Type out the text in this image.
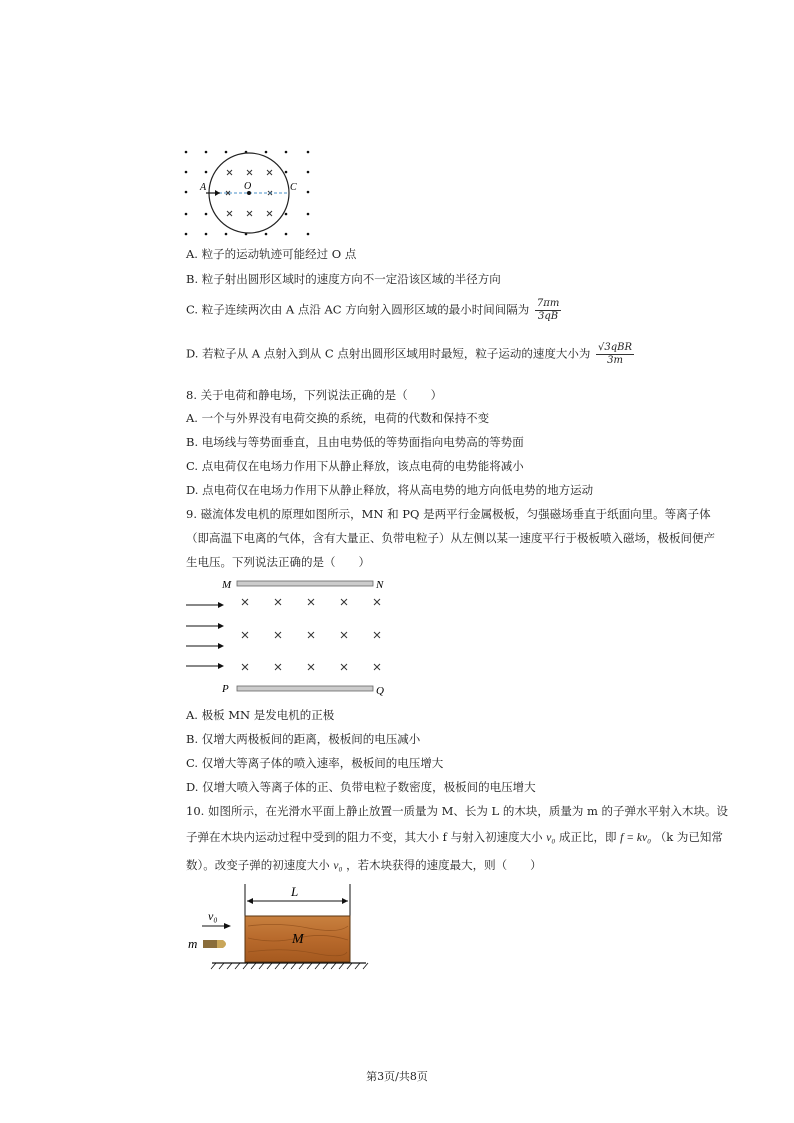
A	O	C
A. 粒子的运动轨迹可能经过 O 点
B. 粒子射出圆形区域时的速度方向不一定沿该区域的半径方向
C. 粒子连续两次由 A 点沿 AC 方向射入圆形区域的最小时间间隔为 $\frac{7\pi m}{3qB}$
D. 若粒子从 A 点射入到从 C 点射出圆形区域用时最短，粒子运动的速度大小为 $\frac{\text{√3qBR}}{3m}$
8. 关于电荷和静电场，下列说法正确的是（　　）
A. 一个与外界没有电荷交换的系统，电荷的代数和保持不变
B. 电场线与等势面垂直，且由电势低的等势面指向电势高的等势面
C. 点电荷仅在电场力作用下从静止释放，该点电荷的电势能将减小
D. 点电荷仅在电场力作用下从静止释放，将从高电势的地方向低电势的地方运动
9. 磁流体发电机的原理如图所示，MN 和 PQ 是两平行金属极板，匀强磁场垂直于纸面向里。等离子体
（即高温下电离的气体，含有大量正、负带电粒子）从左侧以某一速度平行于极板喷入磁场，极板间便产
生电压。下列说法正确的是（　　）
M	N
P	Q
A. 极板 MN 是发电机的正极
B. 仅增大两极板间的距离，极板间的电压减小
C. 仅增大等离子体的喷入速率，极板间的电压增大
D. 仅增大喷入等离子体的正、负带电粒子数密度，极板间的电压增大
10. 如图所示，在光滑水平面上静止放置一质量为 M、长为 L 的木块，质量为 m 的子弹水平射入木块。设
子弹在木块内运动过程中受到的阻力不变，其大小 f 与射入初速度大小 v₀ 成正比，即 f = kv₀ （k 为已知常
数）。改变子弹的初速度大小 v₀ ，若木块获得的速度最大，则（　　）
L
M
v₀
m
第3页/共8页
